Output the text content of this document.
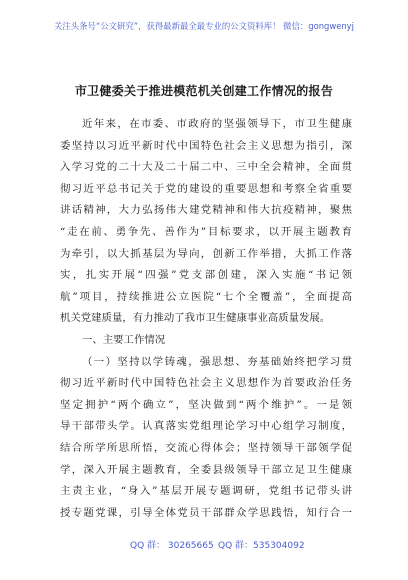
关注头条号“公文研究”，获得最新最全最专业的公文资料库！ 微信：gongwenyj
市卫健委关于推进模范机关创建工作情况的报告
近年来，在市委、市政府的坚强领导下，市卫生健康
委坚持以习近平新时代中国特色社会主义思想为指引，深
入学习党的二十大及二十届二中、三中全会精神，全面贯
彻习近平总书记关于党的建设的重要思想和考察全省重要
讲话精神，大力弘扬伟大建党精神和伟大抗疫精神，聚焦
“走在前、勇争先、善作为”目标要求，以开展主题教育
为牵引，以大抓基层为导向，创新工作举措，大抓工作落
实，扎实开展“四强”党支部创建，深入实施“书记领
航”项目，持续推进公立医院“七个全覆盖”，全面提高
机关党建质量，有力推动了我市卫生健康事业高质量发展。
一、主要工作情况
（一）坚持以学铸魂，强思想、夯基础始终把学习贯
彻习近平新时代中国特色社会主义思想作为首要政治任务
坚定拥护“两个确立”，坚决做到“两个维护”。一是领
导干部带头学。认真落实党组理论学习中心组学习制度，
结合所学所思所悟，交流心得体会；坚持领导干部领学促
学，深入开展主题教育，全委县级领导干部立足卫生健康
主责主业，“身入”基层开展专题调研，党组书记带头讲
授专题党课，引导全体党员干部群众学思践悟，知行合一
QQ 群： 30265665 QQ 群：535304092
